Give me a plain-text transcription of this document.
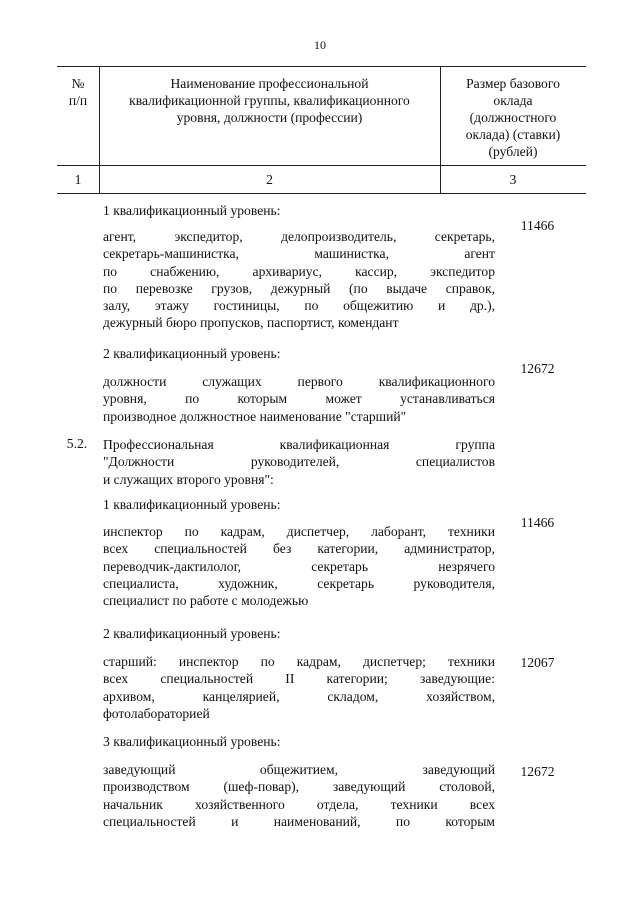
10
№
п/п
Наименование профессиональной
квалификационной группы, квалификационного
уровня, должности (профессии)
Размер базового
оклада
(должностного
оклада) (ставки)
(рублей)
1	2	3
1 квалификационный уровень:
агент, экспедитор, делопроизводитель, секретарь,
секретарь-машинистка, машинистка, агент
по снабжению, архивариус, кассир, экспедитор
по перевозке грузов, дежурный (по выдаче справок,
залу, этажу гостиницы, по общежитию и др.),
дежурный бюро пропусков, паспортист, комендант
11466
2 квалификационный уровень:
должности служащих первого квалификационного
уровня, по которым может устанавливаться
производное должностное наименование "старший"
12672
5.2.	Профессиональная квалификационная группа
"Должности руководителей, специалистов
и служащих второго уровня":
1 квалификационный уровень:
инспектор по кадрам, диспетчер, лаборант, техники
всех специальностей без категории, администратор,
переводчик-дактилолог, секретарь незрячего
специалиста, художник, секретарь руководителя,
специалист по работе с молодежью
11466
2 квалификационный уровень:
старший: инспектор по кадрам, диспетчер; техники
всех специальностей II категории; заведующие:
архивом, канцелярией, складом, хозяйством,
фотолабораторией
12067
3 квалификационный уровень:
заведующий общежитием, заведующий
производством (шеф-повар), заведующий столовой,
начальник хозяйственного отдела, техники всех
специальностей и наименований, по которым
12672
